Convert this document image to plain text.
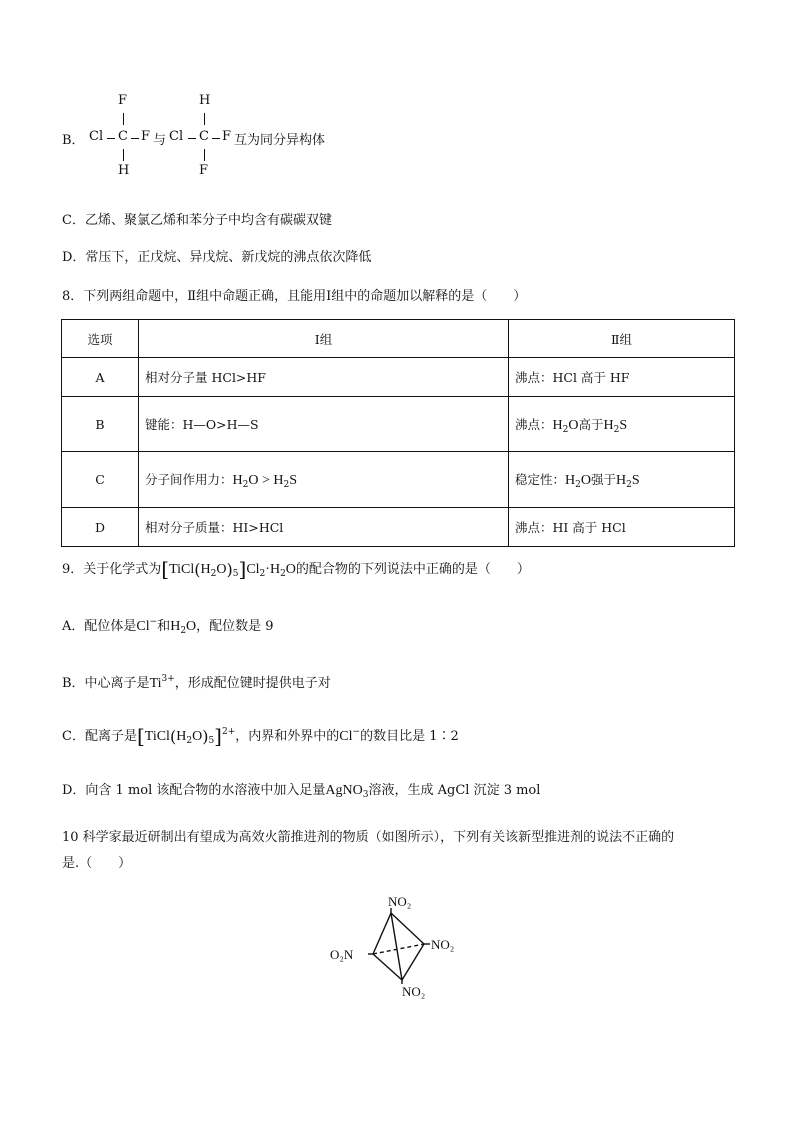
F
B． Cl C F 与
H
H
Cl C F 互为同分异构体
F
C．乙烯、聚氯乙烯和苯分子中均含有碳碳双键
D．常压下，正戊烷、异戊烷、新戊烷的沸点依次降低
8．下列两组命题中，Ⅱ组中命题正确，且能用Ⅰ组中的命题加以解释的是（　　）
选项	Ⅰ组	Ⅱ组
A	相对分子量 HCl>HF	沸点：HCl 高于 HF
B	键能：H—O>H—S	沸点：$H_2O$高于$H_2S$
C	分子间作用力：$H_2O > H_2S$	稳定性：$H_2O$强于$H_2S$
D	相对分子质量：HI>HCl	沸点：HI 高于 HCl
9．关于化学式为$[TiCl(H_2O)_5]Cl_2\cdot H_2O$的配合物的下列说法中正确的是（　　）
A．配位体是Cl−和$H_2O$，配位数是 9
B．中心离子是$Ti^{3+}$，形成配位键时提供电子对
C．配离子是$[TiCl(H_2O)_5]^{2+}$，内界和外界中的Cl−的数目比是 1∶2
D．向含 1 mol 该配合物的水溶液中加入足量AgNO$_3$溶液，生成 AgCl 沉淀 3 mol
10 科学家最近研制出有望成为高效火箭推进剂的物质（如图所示），下列有关该新型推进剂的说法不正确的
是.（　　）
NO₂
O₂N
NO₂
NO₂
